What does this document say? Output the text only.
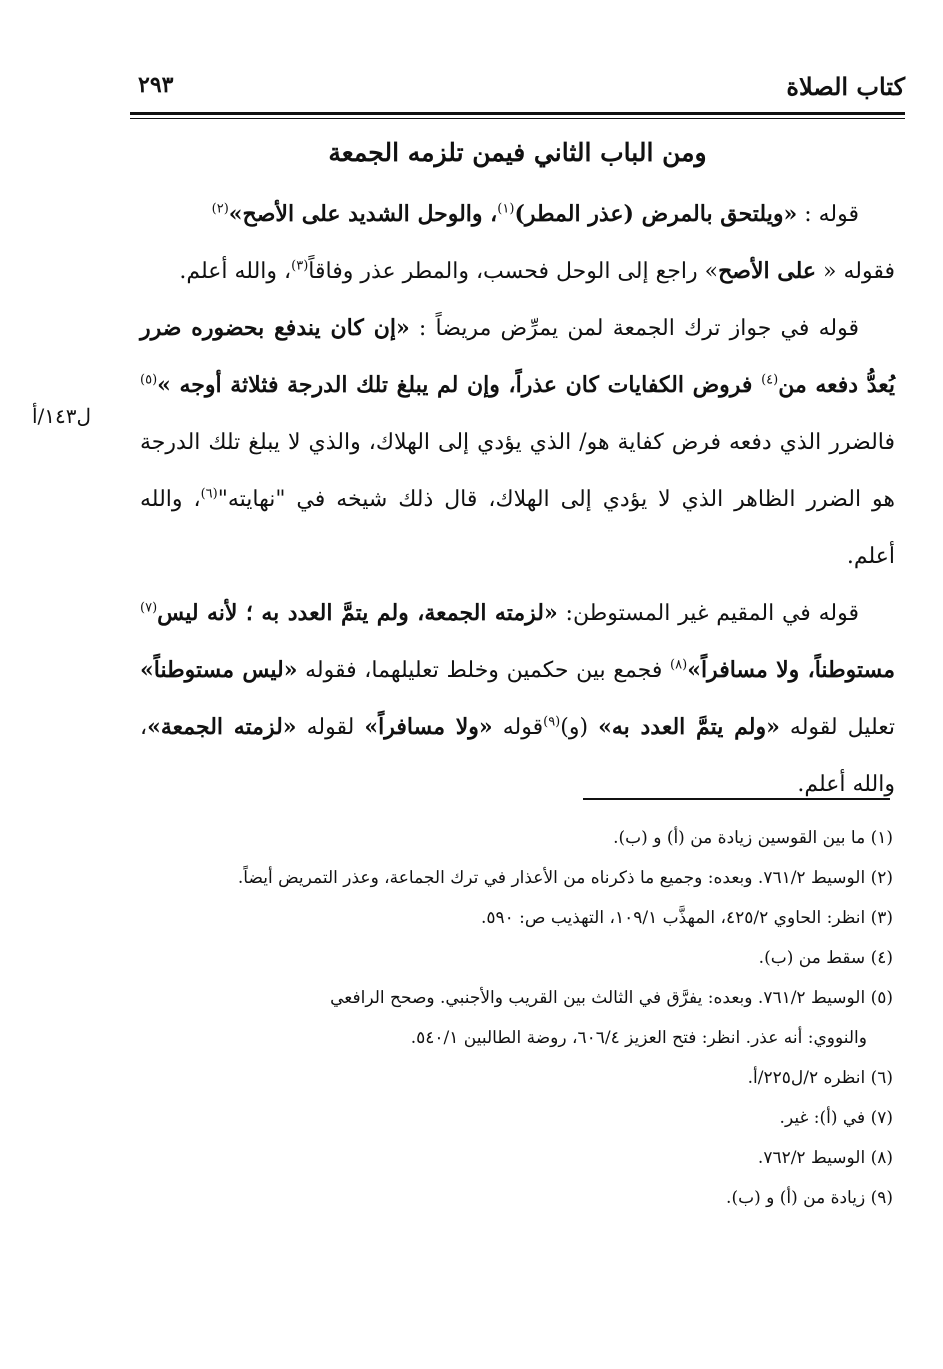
كتاب الصلاة
٢٩٣
ومن الباب الثاني فيمن تلزمه الجمعة

قوله : «ويلتحق بالمرض (عذر المطر)$^{(١)}$، والوحل الشديد على الأصح»$^{(٢)}$

فقوله « على الأصح» راجع إلى الوحل فحسب، والمطر عذر وفاقاً$^{(٣)}$، والله أعلم.

قوله في جواز ترك الجمعة لمن يمرِّض مريضاً : «إن كان يندفع بحضوره ضرر يُعدُّ دفعه من$^{(٤)}$ فروض الكفايات كان عذراً، وإن لم يبلغ تلك الدرجة فثلاثة أوجه »$^{(٥)}$ فالضرر الذي دفعه فرض كفاية هو/ الذي يؤدي إلى الهلاك، والذي لا يبلغ تلك الدرجة هو الضرر الظاهر الذي لا يؤدي إلى الهلاك، قال ذلك شيخه في "نهايته"$^{(٦)}$، والله أعلم.

قوله في المقيم غير المستوطن: «لزمته الجمعة، ولم يتمَّ العدد به ؛ لأنه ليس$^{(٧)}$ مستوطناً، ولا مسافراً»$^{(٨)}$ فجمع بين حكمين وخلط تعليلهما، فقوله «ليس مستوطناً» تعليل لقوله «ولم يتمَّ العدد به» (و)$^{(٩)}$قوله «ولا مسافراً» لقوله «لزمته الجمعة»، والله أعلم.

ل١٤٣/أ

(١) ما بين القوسين زيادة من (أ) و (ب).

(٢) الوسيط ٧٦١/٢. وبعده: وجميع ما ذكرناه من الأعذار في ترك الجماعة، وعذر التمريض أيضاً.

(٣) انظر: الحاوي ٤٢٥/٢، المهذَّب ١٠٩/١، التهذيب ص: ٥٩٠.

(٤) سقط من (ب).

(٥) الوسيط ٧٦١/٢. وبعده: يفرَّق في الثالث بين القريب والأجنبي. وصحح الرافعي

والنووي: أنه عذر. انظر: فتح العزيز ٦٠٦/٤، روضة الطالبين ٥٤٠/١.

(٦) انظره ٢/ل٢٢٥/أ.

(٧) في (أ): غير.

(٨) الوسيط ٧٦٢/٢.

(٩) زيادة من (أ) و (ب).
